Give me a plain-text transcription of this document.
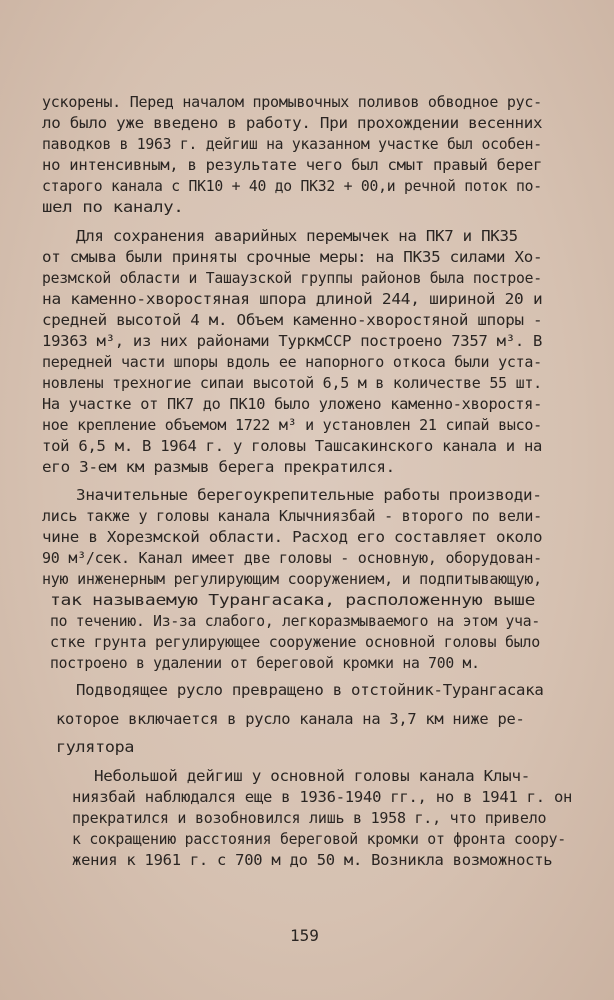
ускорены. Перед началом промывочных поливов обводное рус-
ло было уже введено в работу. При прохождении весенних
паводков в 1963 г. дейгиш на указанном участке был особен-
но интенсивным, в результате чего был смыт правый берег
старого канала с ПК10 + 40 до ПК32 + 00,и речной поток по-
шел по каналу.
Для сохранения аварийных перемычек на ПК7 и ПК35
от смыва были приняты срочные меры: на ПК35 силами Хо-
резмской области и Ташаузской группы районов была построе-
на каменно-хворостяная шпора длиной 244, шириной 20 и
средней высотой 4 м. Объем каменно-хворостяной шпоры -
19363 м³, из них районами ТуркмССР построено 7357 м³. В
передней части шпоры вдоль ее напорного откоса были уста-
новлены трехногие сипаи высотой 6,5 м в количестве 55 шт.
На участке от ПК7 до ПК10 было уложено каменно-хворостя-
ное крепление объемом 1722 м³ и установлен 21 сипай высо-
той 6,5 м. В 1964 г. у головы Ташсакинского канала и на
его 3-ем км размыв берега прекратился.
Значительные берегоукрепительные работы производи-
лись также у головы канала Клычниязбай - второго по вели-
чине в Хорезмской области. Расход его составляет около
90 м³/сек. Канал имеет две головы - основную, оборудован-
ную инженерным регулирующим сооружением, и подпитывающую,
так называемую Турангасака, расположенную выше
по течению. Из-за слабого, легкоразмываемого на этом уча-
стке грунта регулирующее сооружение основной головы было
построено в удалении от береговой кромки на 700 м.
Подводящее русло превращено в отстойник-Турангасака
которое включается в русло канала на 3,7 км ниже ре-
гулятора
Небольшой дейгиш у основной головы канала Клыч-
ниязбай наблюдался еще в 1936-1940 гг., но в 1941 г. он
прекратился и возобновился лишь в 1958 г., что привело
к сокращению расстояния береговой кромки от фронта соору-
жения к 1961 г. с 700 м до 50 м. Возникла возможность
159
